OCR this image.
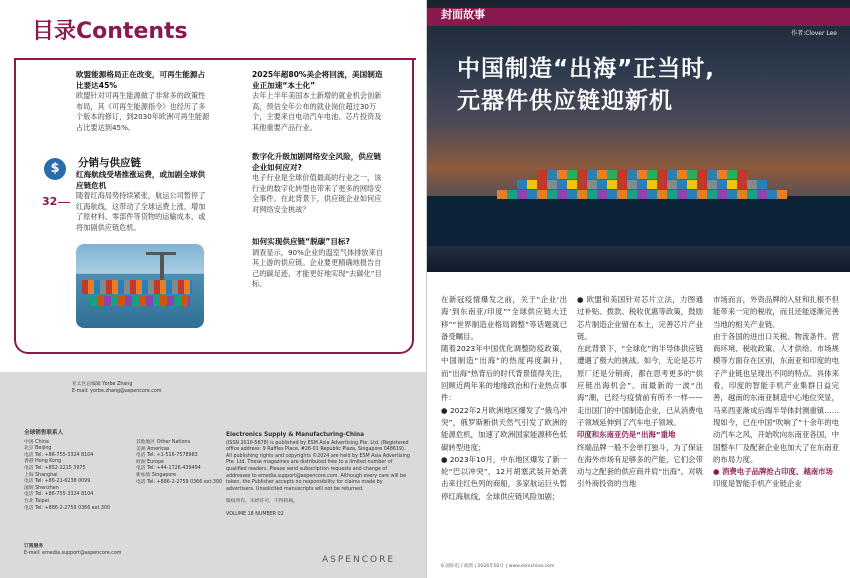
目录Contents
欧盟能源格局正在改变，可再生能源占比要达45%
欧盟针对可再生能源做了非常多的政策性布局，其《可再生能源指令》也经历了多个版本的修订，到2030年欧洲可再生能源占比要达到45%。
2025年超80%美企将回流，美国制造业正加速“本土化”
去年上半年美国本土新增的就业机会创新高，预估全年公布的就业岗位超过30万个，主要来自电动汽车电池、芯片投资及其他重要产品行业。
$	分销与供应链
32
红海航线受堵推涨运费，或加剧全球供应链危机
随着红海局势持续紧张，航运公司暂停了红海航线，这带动了全球运费上涨，增加了原材料、零部件等货物的运输成本，或将加剧供应链危机。
数字化升级加剧网络安全风险，供应链企业如何应对?
电子行业是全球价值最高的行业之一，该行业的数字化转型也带来了更多的网络安全事件。在此背景下，供应链企业如何应对网络安全挑战？
如何实现供应链“脱碳”目标?
调查显示，90%企业的温室气体排放来自其上游的供应链。企业要更精确地报告自己的碳足迹，才能更好地实现“去碳化”目标。
亚太区总编辑 Yorbe Zhang
E-mail: yorbe.zhang@aspencore.com
全球销售联系人
中国 China
北京 Beijing
电话 Tel: +86-755-3324 8104
香港 Hong Kong
电话 Tel: +852-2215 3975
上海 Shanghai
电话 Tel: +86-21-6238 0099
深圳 Shenzhen
电话 Tel: +86-755-3324 8104
台北 Taipei
电话 Tel: +886-2-2759 0366 ext.300
其他地区 Other Nations
美洲 Americas
电话 Tel: +1-516-7578983
欧洲 Europe
电话 Tel: +44-1726-439494
新加坡 Singapore
电话 Tel: +886-2-2759 0366 ext.300
Electronics Supply & Manufacturing-China
(ISSN 2010-5678) is published by ESM Asia Advertising Pte. Ltd. (Registered office address: 9 Raffles Place, #26-01 Republic Plaza, Singapore 048619). All publishing rights and copyrights ©2024 are held by ESM Asia Advertising Pte. Ltd. These magazines are distributed free to a limited number of qualified readers. Please send subscription requests and change of addresses to emedia.support@aspencore.com. Although every care will be taken, the Publisher accepts no responsibility for claims made by advertisers. Unsolicited manuscripts will not be returned.
版权所有，未经许可，不得转载。
VOLUME 18 NUMBER 02
订阅服务
E-mail: emedia.support@aspencore.com
ASPENCORE
封面故事
作者:Clover Lee
中国制造“出海”正当时,
元器件供应链迎新机
在新冠疫情爆发之前，关于“企业‘出海’到东南亚/印度”“全球供应链大迁移”“世界制造业格局调整”等话题就已备受瞩目。
随着2023年中国优化调整防疫政策，中国制造“出海”的热度再度飙升，而“出海”热背后的时代背景值得关注，回顾近两年来的地缘政治和行业热点事件：
● 2022年2月欧洲地区爆发了“俄乌冲突”，俄罗斯断供天然气引发了欧洲的能源危机，加速了欧洲国家能源移色低碳转型进度；
● 2023年10月，中东地区爆发了新一轮“巴以冲突”，12月胡塞武装开始袭击来往红色列的商船，多家航运巨头暂停红海航线，全球供应链风险加剧；
● 欧盟和美国针对芯片立法，力图通过补贴、拨款、税收优惠等政策，鼓励芯片制造企业留在本土，完善芯片产业链。
在此背景下，“全球化”的半导体供应链遭遇了极大的挑战。如今，无论是芯片原厂还是分销商，都在思考更多的“供应链出海机会”。而最新的一波“出海”潮，已经与疫情前有所不一样——走出国门的中国制造企业，已从消费电子领域延伸到了汽车电子领域。
印度和东南亚仍是“出海”重地
终端品牌一般不会单打独斗，为了保证在海外市场有足够多的产能，它们会带动与之配套的供应商并肩“出海”。对吸引外商投资的当地
市场而言，外资品牌的入驻和扎根不但能带来一定的税收，而且还能逐渐完善当地的相关产业链。
由于各国的进出口关税、物流条件、营商环境、税收政策、人才供给、市场规模等方面存在区别，东南亚和印度的电子产业链也呈现出不同的特点。具体来看，印度的智能手机产业集群日益完善，越南的东南亚制造中心地位突显，马来西亚渐成后端半导体封测重镇……现如今，已在中国“吹响了”十余年的电动汽车之风，开始吹向东南亚各国，中国整车厂及配套企业也加大了在东南亚的布局力度。
● 消费电子品牌抢占印度、越南市场
印度是智能手机产业链企业
6 国际电子商情 | 2024年02月 | www.esmchina.com
